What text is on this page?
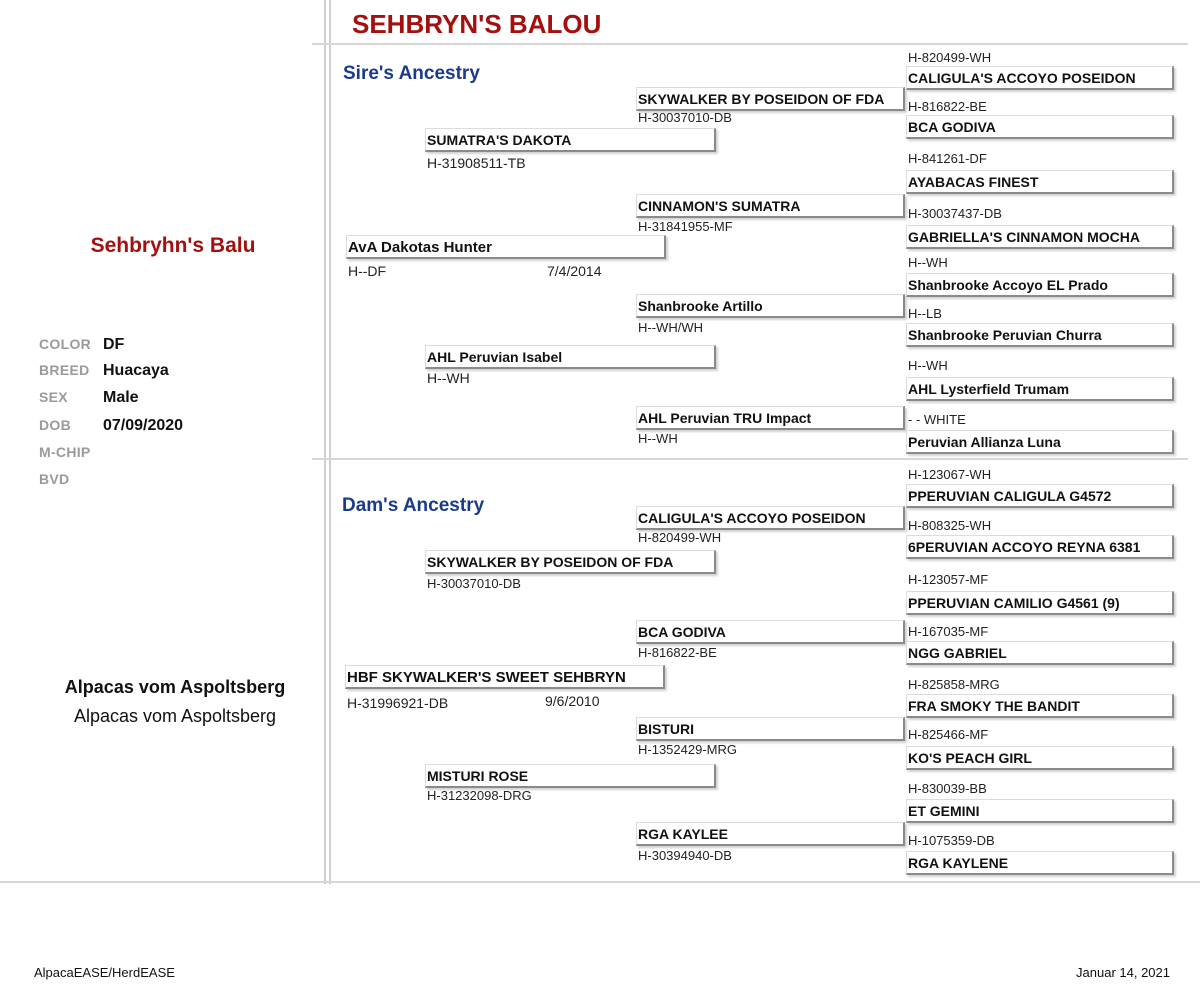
SEHBRYN'S BALOU
Sehbryhn's Balu
COLOR DF
BREED Huacaya
SEX Male
DOB 07/09/2020
M-CHIP
BVD
Alpacas vom Aspoltsberg
Alpacas vom Aspoltsberg
Sire's Ancestry
AvA Dakotas Hunter
H--DF	7/4/2014
SUMATRA'S DAKOTA
H-31908511-TB
AHL Peruvian Isabel
H--WH
SKYWALKER BY POSEIDON OF FDA
H-30037010-DB
CINNAMON'S SUMATRA
H-31841955-MF
Shanbrooke Artillo
H--WH/WH
AHL Peruvian TRU Impact
H--WH
H-820499-WH
CALIGULA'S ACCOYO POSEIDON
H-816822-BE
BCA GODIVA
H-841261-DF
AYABACAS FINEST
H-30037437-DB
GABRIELLA'S CINNAMON MOCHA
H--WH
Shanbrooke Accoyo EL Prado
H--LB
Shanbrooke Peruvian Churra
H--WH
AHL Lysterfield Trumam
- - WHITE
Peruvian Allianza Luna
Dam's Ancestry
HBF SKYWALKER'S SWEET SEHBRYN
H-31996921-DB	9/6/2010
SKYWALKER BY POSEIDON OF FDA
H-30037010-DB
MISTURI ROSE
H-31232098-DRG
CALIGULA'S ACCOYO POSEIDON
H-820499-WH
BCA GODIVA
H-816822-BE
BISTURI
H-1352429-MRG
RGA KAYLEE
H-30394940-DB
H-123067-WH
PPERUVIAN CALIGULA G4572
H-808325-WH
6PERUVIAN ACCOYO REYNA 6381
H-123057-MF
PPERUVIAN CAMILIO G4561 (9)
H-167035-MF
NGG GABRIEL
H-825858-MRG
FRA SMOKY THE BANDIT
H-825466-MF
KO'S PEACH GIRL
H-830039-BB
ET GEMINI
H-1075359-DB
RGA KAYLENE
AlpacaEASE/HerdEASE	Januar 14, 2021
